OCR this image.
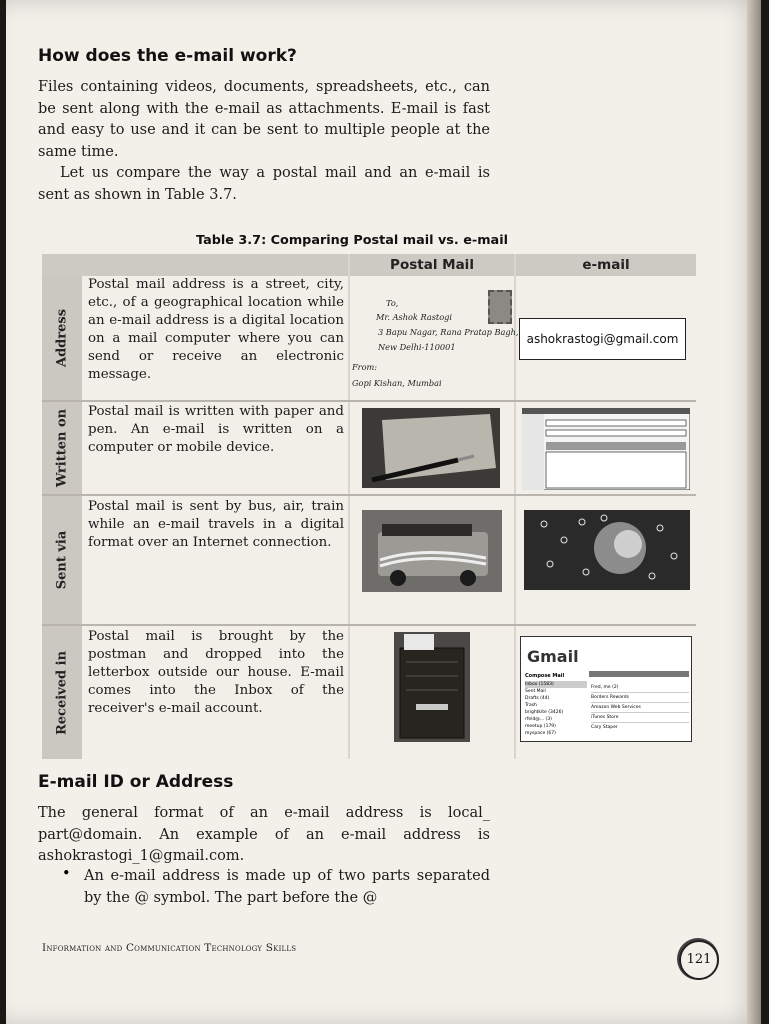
How does the e-mail work?

Files containing videos, documents, spreadsheets, etc., can be sent along with the e-mail as attachments. E-mail is fast and easy to use and it can be sent to multiple people at the same time.

Let us compare the way a postal mail and an e-mail is sent as shown in Table 3.7.

Table 3.7: Comparing Postal mail vs. e-mail
Postal Mail	e-mail
Address
Written on
Sent via
Received in

Postal mail address is a street, city, etc., of a geographical location while an e-mail address is a digital location on a mail computer where you can send or receive an electronic message.

Postal mail is written with paper and pen. An e-mail is written on a computer or mobile device.

Postal mail is sent by bus, air, train while an e-mail travels in a digital format over an Internet connection.

Postal mail is brought by the postman and dropped into the letterbox outside our house. E-mail comes into the Inbox of the receiver's e-mail account.

To,
Mr. Ashok Rastogi
3 Bapu Nagar, Rana Pratap Bagh,
New Delhi-110001
From:
Gopi Kishan, Mumbai
ashokrastogi@gmail.com
Gmail
Compose Mail
Inbox (1583)
Sent Mail
Drafts (44)
Trash
brightkite (3426)
rfeld@... (3)
meetup (179)
myspace (67)
Fred, me (2)
Borders Rewards
Amazon Web Services
iTunes Store
Cary Staper
E-mail ID or Address

The general format of an e-mail address is local_ part@domain. An example of an e-mail address is ashokrastogi_1@gmail.com.

• An e-mail address is made up of two parts separated by the @ symbol. The part before the @

Information and Communication Technology Skills
121
